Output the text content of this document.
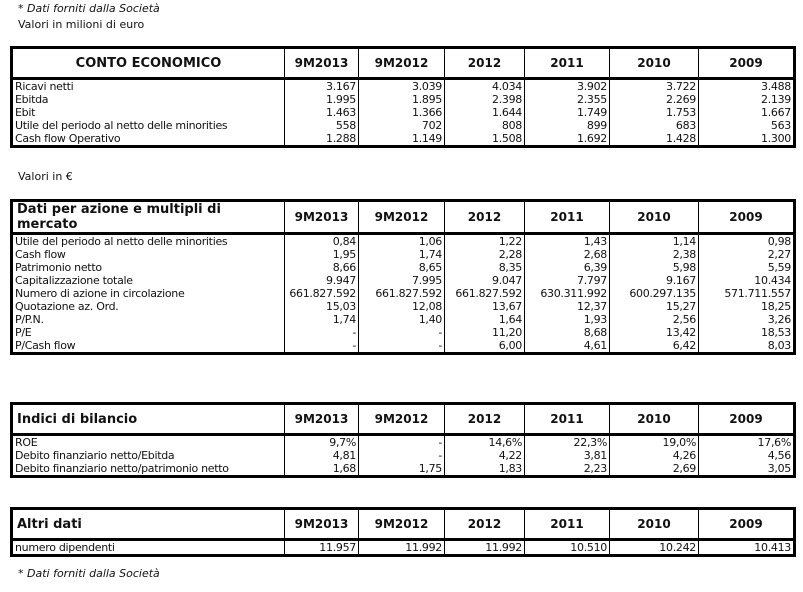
* Dati forniti dalla Società
Valori in milioni di euro
Valori in €
* Dati forniti dalla Società
CONTO ECONOMICO	9M2013	9M2012	2012	2011	2010	2009
Ricavi netti	3.167	3.039	4.034	3.902	3.722	3.488
Ebitda	1.995	1.895	2.398	2.355	2.269	2.139
Ebit	1.463	1.366	1.644	1.749	1.753	1.667
Utile del periodo al netto delle minorities	558	702	808	899	683	563
Cash flow Operativo	1.288	1.149	1.508	1.692	1.428	1.300
Dati per azione e multipli di mercato	9M2013	9M2012	2012	2011	2010	2009
Utile del periodo al netto delle minorities	0,84	1,06	1,22	1,43	1,14	0,98
Cash flow	1,95	1,74	2,28	2,68	2,38	2,27
Patrimonio netto	8,66	8,65	8,35	6,39	5,98	5,59
Capitalizzazione totale	9.947	7.995	9.047	7.797	9.167	10.434
Numero di azione in circolazione	661.827.592	661.827.592	661.827.592	630.311.992	600.297.135	571.711.557
Quotazione az. Ord.	15,03	12,08	13,67	12,37	15,27	18,25
P/P.N.	1,74	1,40	1,64	1,93	2,56	3,26
P/E	-	-	11,20	8,68	13,42	18,53
P/Cash flow	-	-	6,00	4,61	6,42	8,03
Indici di bilancio	9M2013	9M2012	2012	2011	2010	2009
ROE	9,7%	-	14,6%	22,3%	19,0%	17,6%
Debito finanziario netto/Ebitda	4,81	-	4,22	3,81	4,26	4,56
Debito finanziario netto/patrimonio netto	1,68	1,75	1,83	2,23	2,69	3,05
Altri dati	9M2013	9M2012	2012	2011	2010	2009
numero dipendenti	11.957	11.992	11.992	10.510	10.242	10.413
